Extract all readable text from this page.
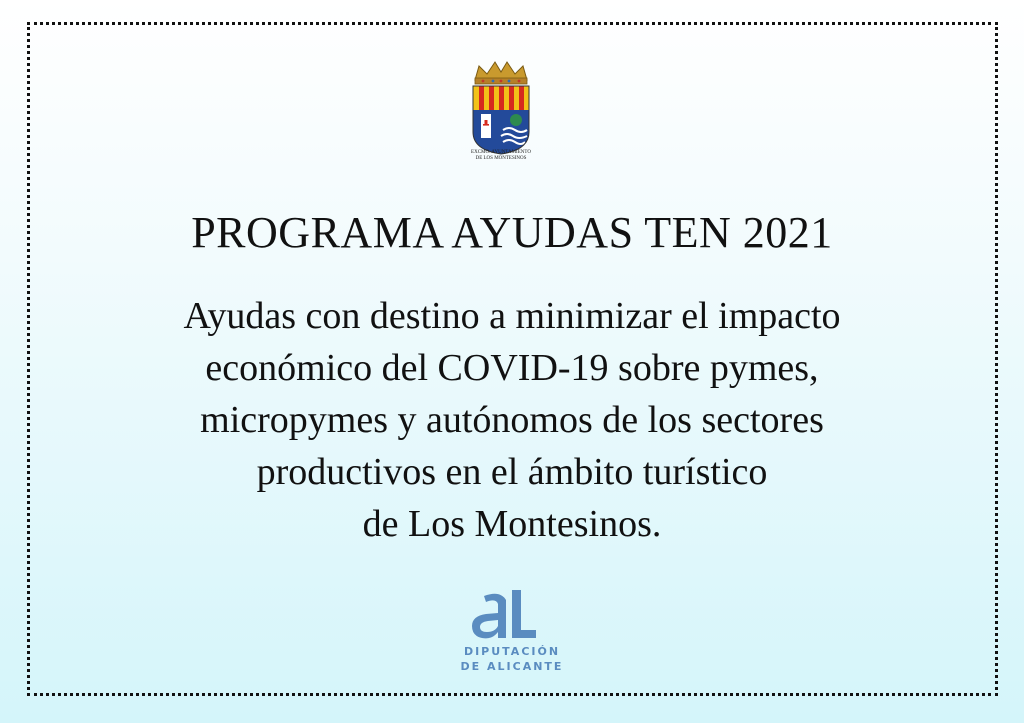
EXCMO. AYUNTAMIENTO
DE LOS MONTESINOS
PROGRAMA AYUDAS TEN 2021
Ayudas con destino a minimizar el impacto
económico del COVID-19 sobre pymes,
micropymes y autónomos de los sectores
productivos en el ámbito turístico
de Los Montesinos.
DIPUTACIÓN
DE ALICANTE
